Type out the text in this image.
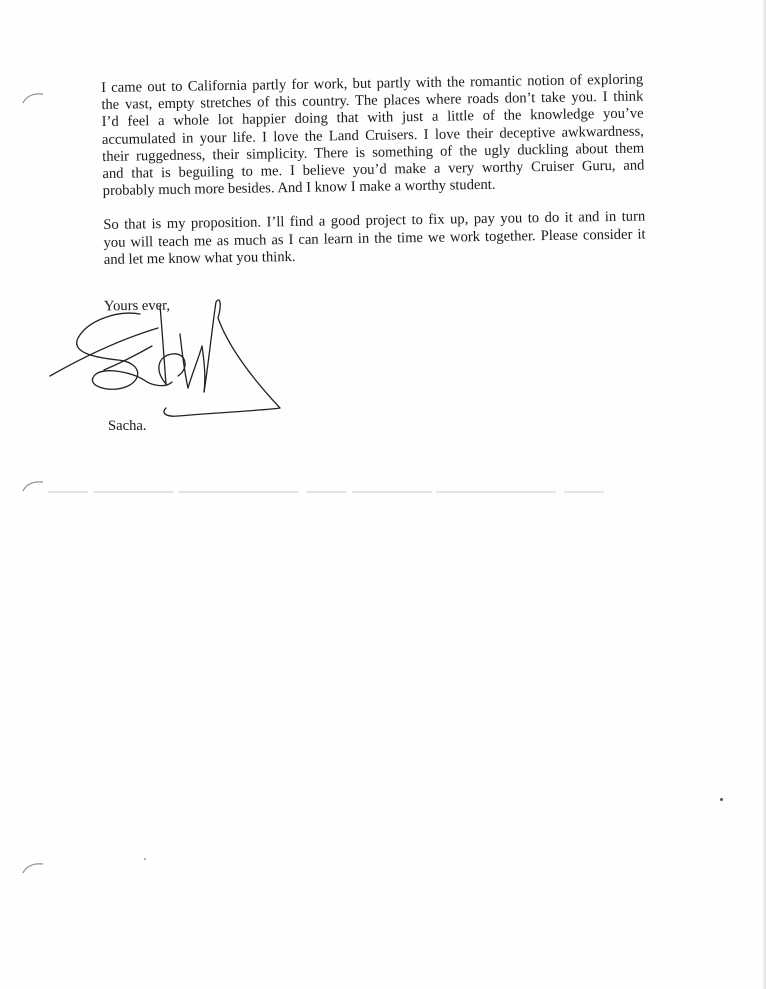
I came out to California partly for work, but partly with the romantic notion of exploring
the vast, empty stretches of this country. The places where roads don’t take you. I think
I’d feel a whole lot happier doing that with just a little of the knowledge you’ve
accumulated in your life. I love the Land Cruisers. I love their deceptive awkwardness,
their ruggedness, their simplicity. There is something of the ugly duckling about them
and that is beguiling to me. I believe you’d make a very worthy Cruiser Guru, and
probably much more besides. And I know I make a worthy student.

So that is my proposition. I’ll find a good project to fix up, pay you to do it and in turn
you will teach me as much as I can learn in the time we work together. Please consider it
and let me know what you think.

Yours ever,
Sacha.
